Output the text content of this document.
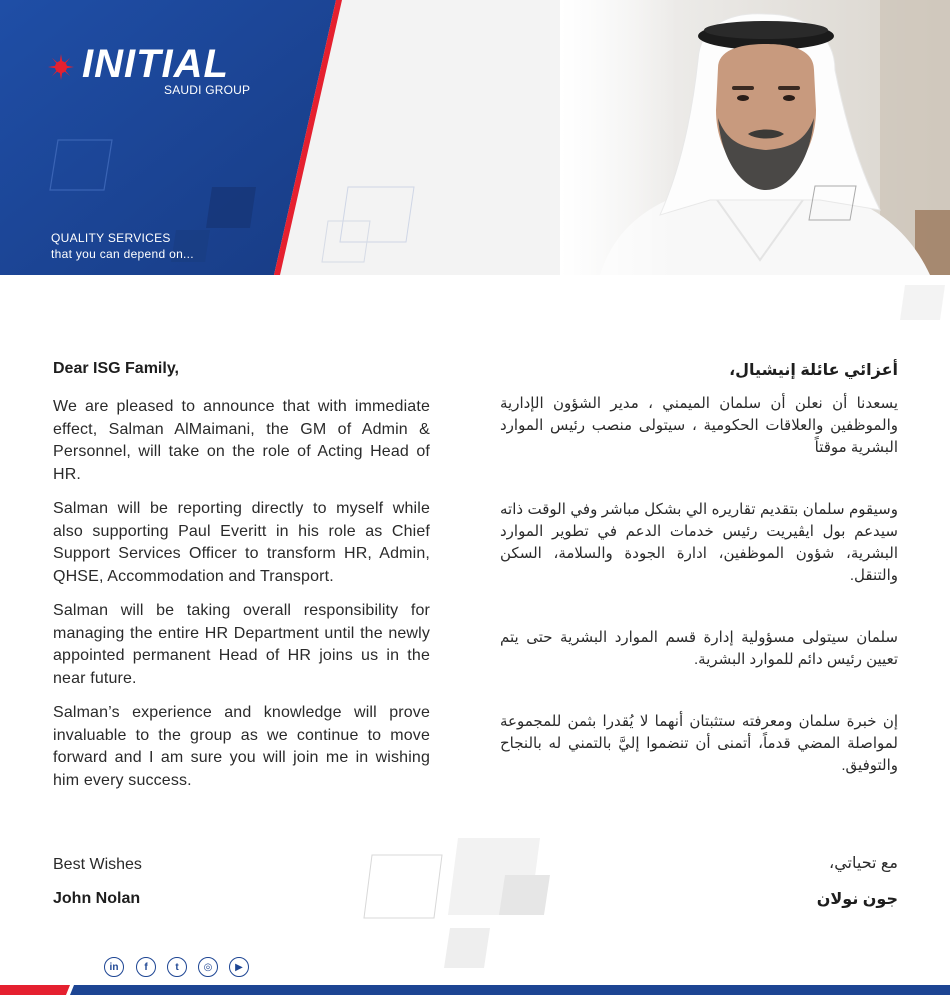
INITIAL
SAUDI GROUP
QUALITY SERVICES
that you can depend on...
Dear ISG Family,

We are pleased to announce that with immediate effect, Salman AlMaimani, the GM of Admin & Personnel, will take on the role of Acting Head of HR.

Salman will be reporting directly to myself while also supporting Paul Everitt in his role as Chief Support Services Officer to transform HR, Admin, QHSE, Accommodation and Transport.

Salman will be taking overall responsibility for managing the entire HR Department until the newly appointed permanent Head of HR joins us in the near future.

Salman’s experience and knowledge will prove invaluable to the group as we continue to move forward and I am sure you will join me in wishing him every success.

أعزائي عائلة إنيشيال،

يسعدنا أن نعلن أن سلمان الميمني ، مدير الشؤون الإدارية والموظفين والعلاقات الحكومية ، سيتولى منصب رئيس الموارد البشرية موقتاً

وسيقوم سلمان بتقديم تقاريره الي بشكل مباشر وفي الوقت ذاته سيدعم بول ايڤيريت رئيس خدمات الدعم في تطوير الموارد البشرية، شؤون الموظفين، ادارة الجودة والسلامة، السكن والتنقل.

سلمان سيتولى مسؤولية إدارة قسم الموارد البشرية حتى يتم تعيين رئيس دائم للموارد البشرية.

إن خبرة سلمان ومعرفته ستثبتان أنهما لا يُقدرا بثمن للمجموعة لمواصلة المضي قدماً، أتمنى أن تنضموا إليَّ بالتمني له بالنجاح والتوفيق.

Best Wishes
John Nolan
مع تحياتي،
جون نولان
in	f	t	◎	▶
